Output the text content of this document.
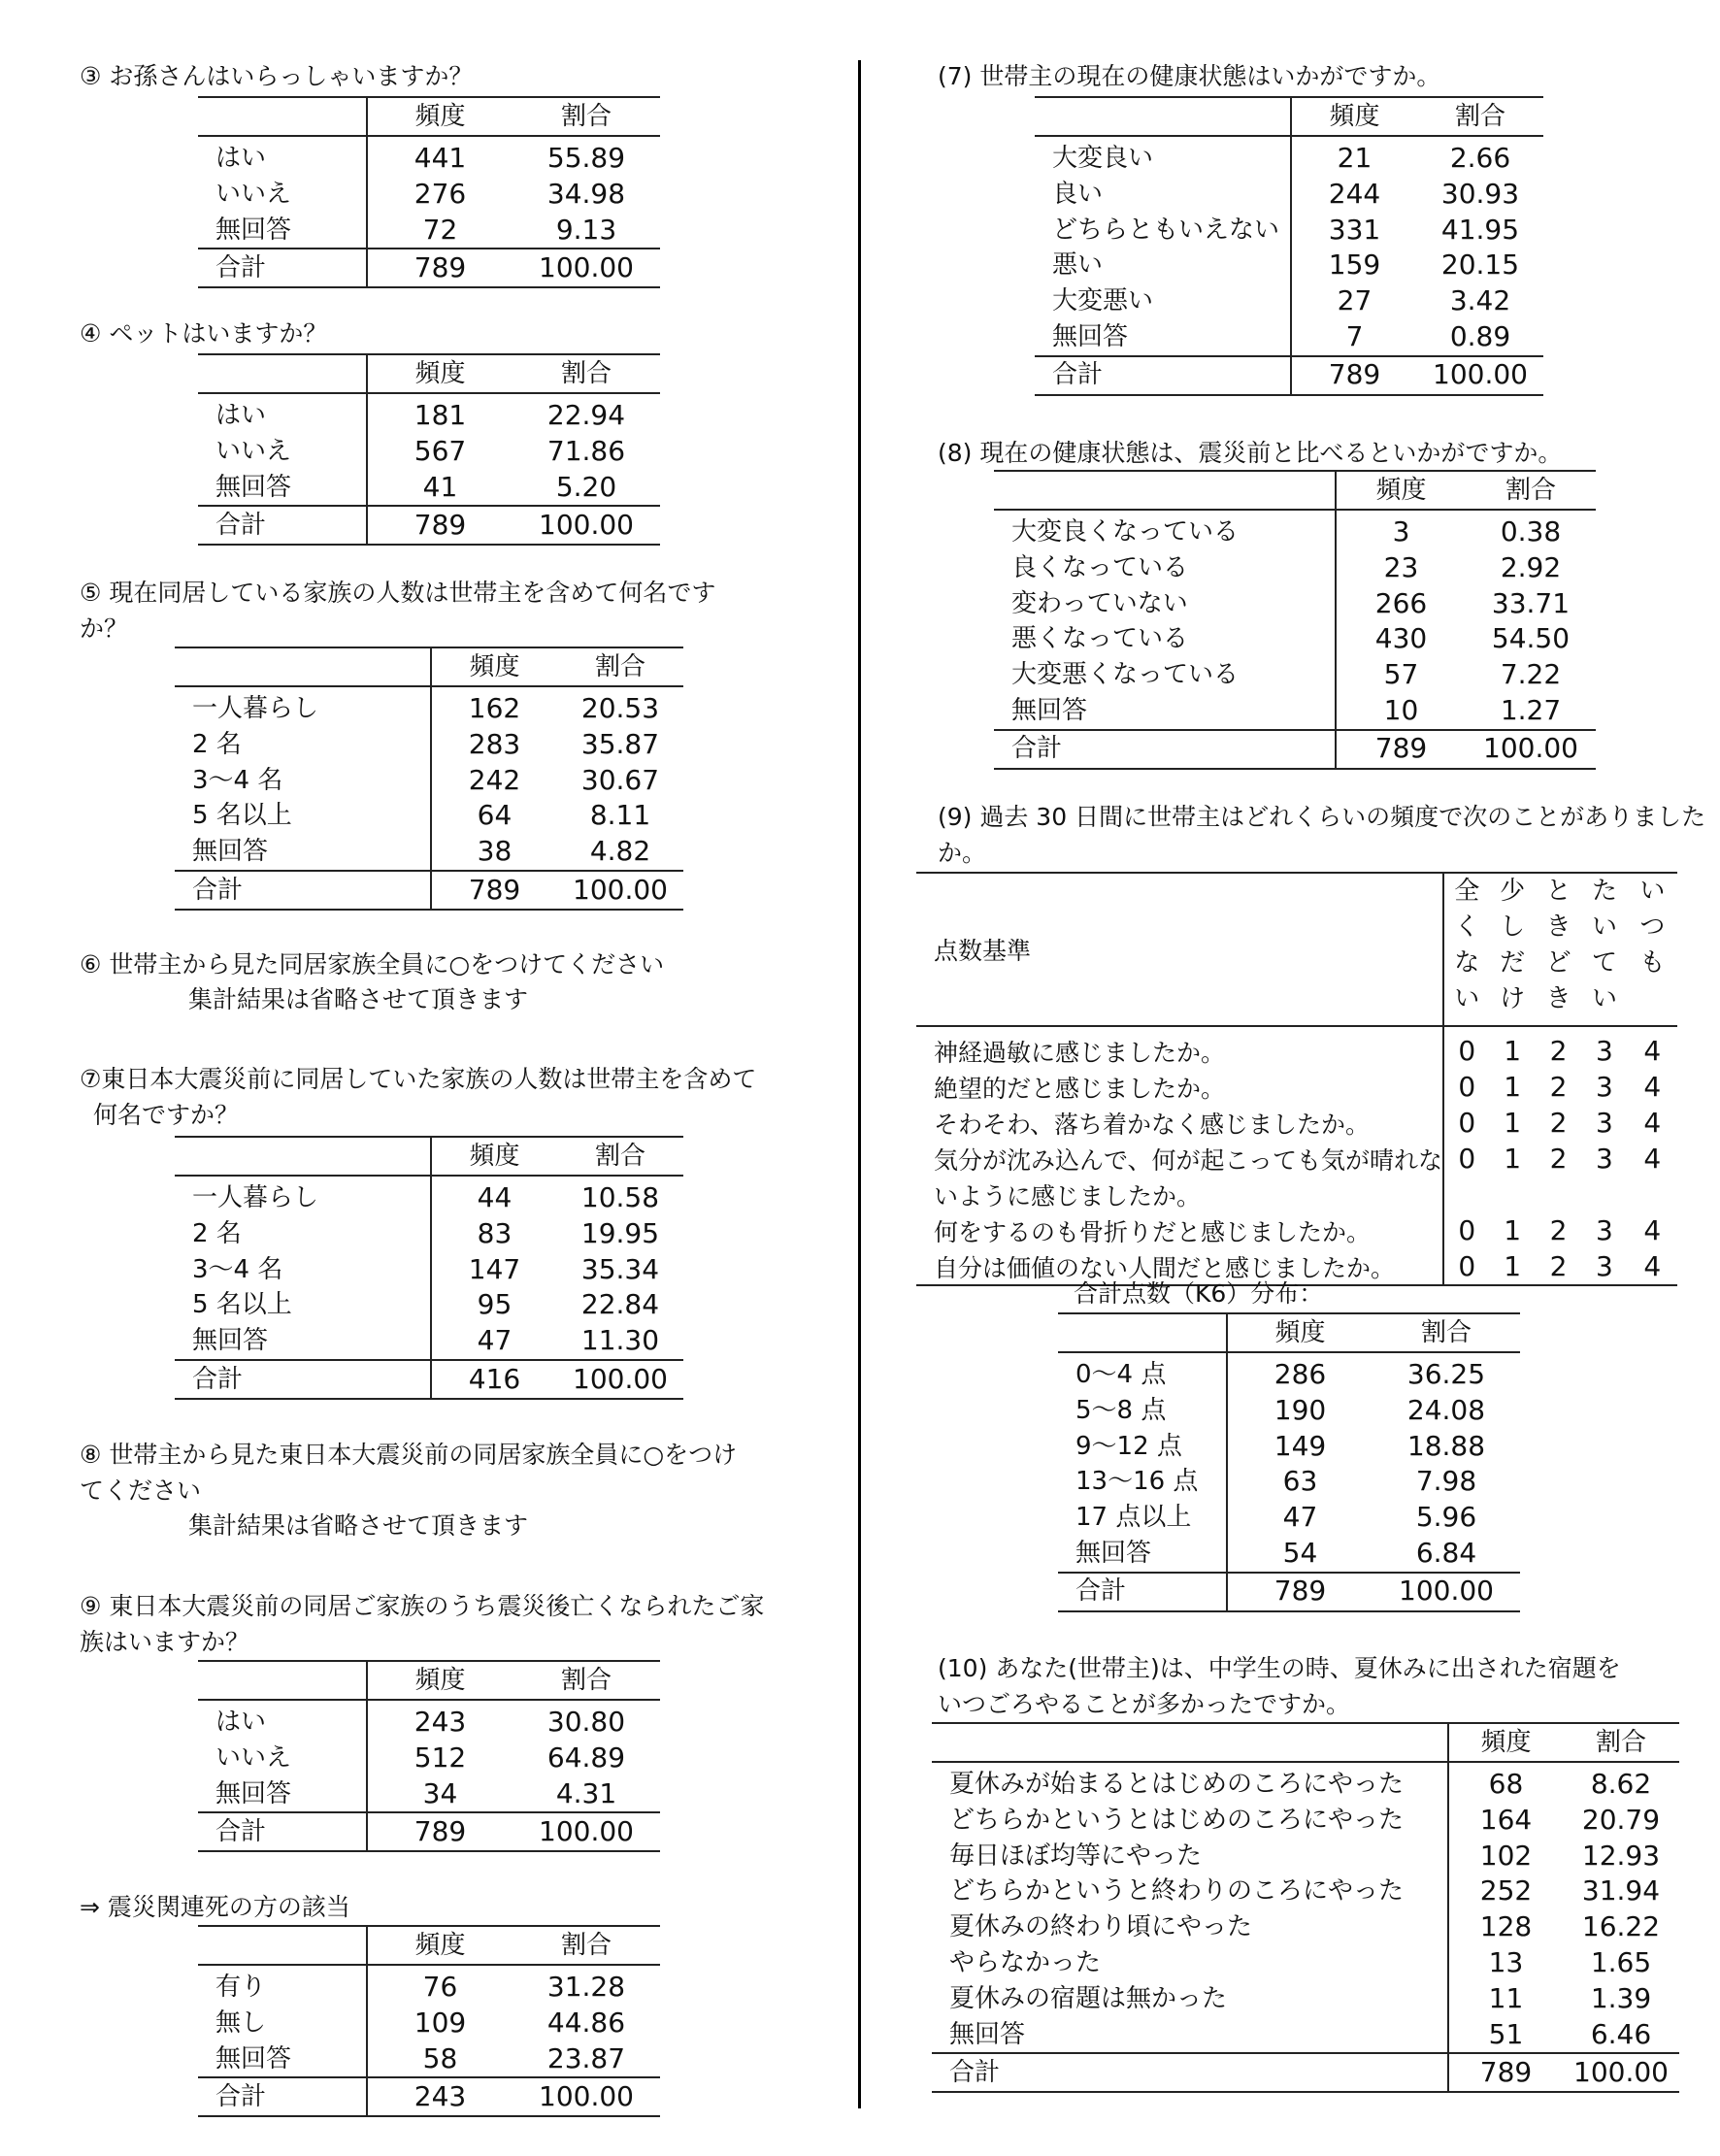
③ お孫さんはいらっしゃいますか？
	頻度	割合
はい	441	55.89
いいえ	276	34.98
無回答	72	9.13
合計	789	100.00
④ ペットはいますか？
	頻度	割合
はい	181	22.94
いいえ	567	71.86
無回答	41	5.20
合計	789	100.00
⑤ 現在同居している家族の人数は世帯主を含めて何名です
か？
	頻度	割合
一人暮らし	162	20.53
2 名	283	35.87
3～4 名	242	30.67
5 名以上	64	8.11
無回答	38	4.82
合計	789	100.00
⑥ 世帯主から見た同居家族全員に○をつけてください
集計結果は省略させて頂きます
⑦東日本大震災前に同居していた家族の人数は世帯主を含めて
何名ですか？
	頻度	割合
一人暮らし	44	10.58
2 名	83	19.95
3～4 名	147	35.34
5 名以上	95	22.84
無回答	47	11.30
合計	416	100.00
⑧ 世帯主から見た東日本大震災前の同居家族全員に○をつけ
てください
集計結果は省略させて頂きます
⑨ 東日本大震災前の同居ご家族のうち震災後亡くなられたご家
族はいますか？
	頻度	割合
はい	243	30.80
いいえ	512	64.89
無回答	34	4.31
合計	789	100.00
⇒ 震災関連死の方の該当
	頻度	割合
有り	76	31.28
無し	109	44.86
無回答	58	23.87
合計	243	100.00
(7) 世帯主の現在の健康状態はいかがですか。
	頻度	割合
大変良い	21	2.66
良い	244	30.93
どちらともいえない	331	41.95
悪い	159	20.15
大変悪い	27	3.42
無回答	7	0.89
合計	789	100.00
(8) 現在の健康状態は、震災前と比べるといかがですか。
	頻度	割合
大変良くなっている	3	0.38
良くなっている	23	2.92
変わっていない	266	33.71
悪くなっている	430	54.50
大変悪くなっている	57	7.22
無回答	10	1.27
合計	789	100.00
(9) 過去 30 日間に世帯主はどれくらいの頻度で次のことがありました
か。
点数基準	全くない	少しだけ	ときどき	たいてい	いつも
神経過敏に感じましたか。	0	1	2	3	4
絶望的だと感じましたか。	0	1	2	3	4
そわそわ、落ち着かなく感じましたか。	0	1	2	3	4
気分が沈み込んで、何が起こっても気が晴れな	0	1	2	3	4
いように感じましたか。					
何をするのも骨折りだと感じましたか。	0	1	2	3	4
自分は価値のない人間だと感じましたか。	0	1	2	3	4
合計点数（K6）分布：
	頻度	割合
0～4 点	286	36.25
5～8 点	190	24.08
9～12 点	149	18.88
13～16 点	63	7.98
17 点以上	47	5.96
無回答	54	6.84
合計	789	100.00
(10) あなた(世帯主)は、中学生の時、夏休みに出された宿題を
いつごろやることが多かったですか。
	頻度	割合
夏休みが始まるとはじめのころにやった	68	8.62
どちらかというとはじめのころにやった	164	20.79
毎日ほぼ均等にやった	102	12.93
どちらかというと終わりのころにやった	252	31.94
夏休みの終わり頃にやった	128	16.22
やらなかった	13	1.65
夏休みの宿題は無かった	11	1.39
無回答	51	6.46
合計	789	100.00
